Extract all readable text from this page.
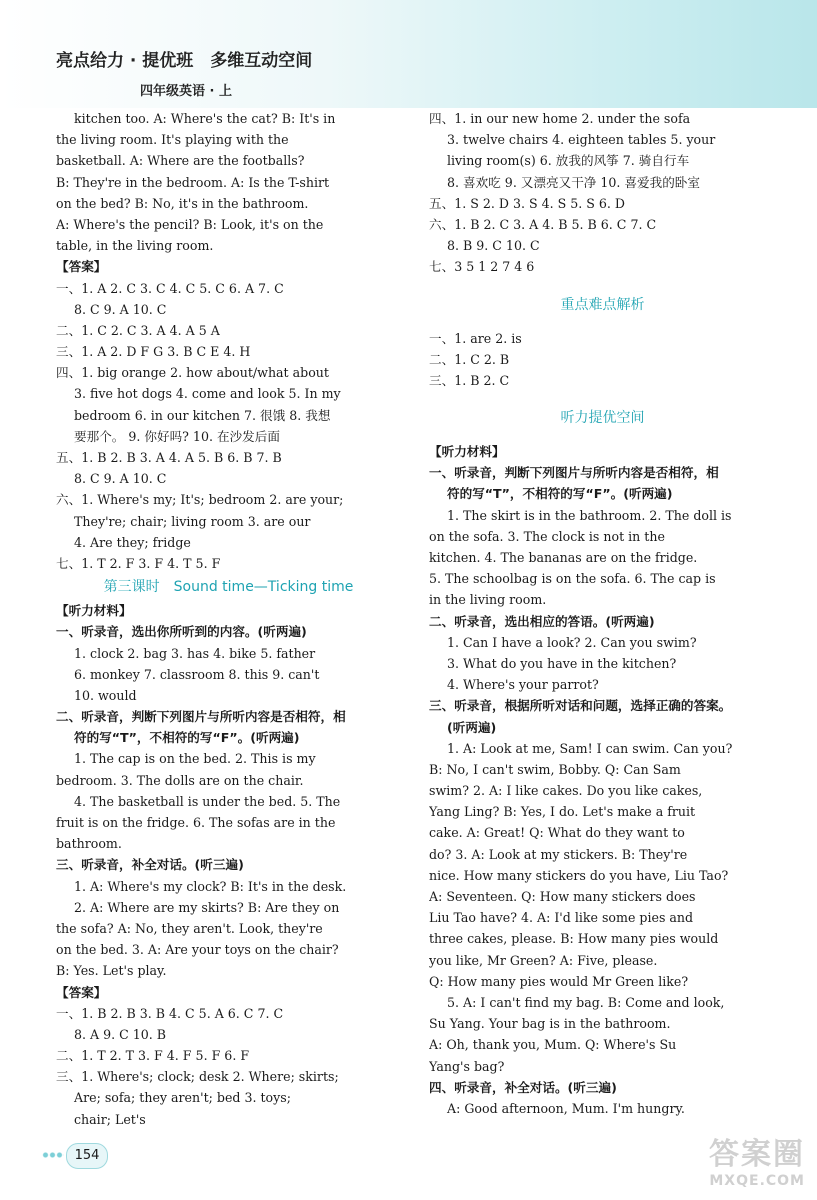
亮点给力 · 提优班　多维互动空间
四年级英语 · 上
kitchen too. A: Where's the cat? B: It's in
the living room. It's playing with the
basketball. A: Where are the footballs?
B: They're in the bedroom. A: Is the T-shirt
on the bed? B: No, it's in the bathroom.
A: Where's the pencil? B: Look, it's on the
table, in the living room.
【答案】
一、1. A 2. C 3. C 4. C 5. C 6. A 7. C
8. C 9. A 10. C
二、1. C 2. C 3. A 4. A 5 A
三、1. A 2. D F G 3. B C E 4. H
四、1. big orange 2. how about/what about
3. five hot dogs 4. come and look 5. In my
bedroom 6. in our kitchen 7. 很饿 8. 我想
要那个。 9. 你好吗? 10. 在沙发后面
五、1. B 2. B 3. A 4. A 5. B 6. B 7. B
8. C 9. A 10. C
六、1. Where's my; It's; bedroom 2. are your;
They're; chair; living room 3. are our
4. Are they; fridge
七、1. T 2. F 3. F 4. T 5. F
第三课时　Sound time—Ticking time
【听力材料】
一、听录音，选出你所听到的内容。(听两遍)
1. clock 2. bag 3. has 4. bike 5. father
6. monkey 7. classroom 8. this 9. can't
10. would
二、听录音，判断下列图片与所听内容是否相符，相
符的写“T”，不相符的写“F”。(听两遍)
1. The cap is on the bed. 2. This is my
bedroom. 3. The dolls are on the chair.
4. The basketball is under the bed. 5. The
fruit is on the fridge. 6. The sofas are in the
bathroom.
三、听录音，补全对话。(听三遍)
1. A: Where's my clock? B: It's in the desk.
2. A: Where are my skirts? B: Are they on
the sofa? A: No, they aren't. Look, they're
on the bed. 3. A: Are your toys on the chair?
B: Yes. Let's play.
【答案】
一、1. B 2. B 3. B 4. C 5. A 6. C 7. C
8. A 9. C 10. B
二、1. T 2. T 3. F 4. F 5. F 6. F
三、1. Where's; clock; desk 2. Where; skirts;
Are; sofa; they aren't; bed 3. toys;
chair; Let's
四、1. in our new home 2. under the sofa
3. twelve chairs 4. eighteen tables 5. your
living room(s) 6. 放我的风筝 7. 骑自行车
8. 喜欢吃 9. 又漂亮又干净 10. 喜爱我的卧室
五、1. S 2. D 3. S 4. S 5. S 6. D
六、1. B 2. C 3. A 4. B 5. B 6. C 7. C
8. B 9. C 10. C
七、3 5 1 2 7 4 6
重点难点解析
一、1. are 2. is
二、1. C 2. B
三、1. B 2. C
听力提优空间
【听力材料】
一、听录音，判断下列图片与所听内容是否相符，相
符的写“T”，不相符的写“F”。(听两遍)
1. The skirt is in the bathroom. 2. The doll is
on the sofa. 3. The clock is not in the
kitchen. 4. The bananas are on the fridge.
5. The schoolbag is on the sofa. 6. The cap is
in the living room.
二、听录音，选出相应的答语。(听两遍)
1. Can I have a look? 2. Can you swim?
3. What do you have in the kitchen?
4. Where's your parrot?
三、听录音，根据所听对话和问题，选择正确的答案。
(听两遍)
1. A: Look at me, Sam! I can swim. Can you?
B: No, I can't swim, Bobby. Q: Can Sam
swim? 2. A: I like cakes. Do you like cakes,
Yang Ling? B: Yes, I do. Let's make a fruit
cake. A: Great! Q: What do they want to
do? 3. A: Look at my stickers. B: They're
nice. How many stickers do you have, Liu Tao?
A: Seventeen. Q: How many stickers does
Liu Tao have? 4. A: I'd like some pies and
three cakes, please. B: How many pies would
you like, Mr Green? A: Five, please.
Q: How many pies would Mr Green like?
5. A: I can't find my bag. B: Come and look,
Su Yang. Your bag is in the bathroom.
A: Oh, thank you, Mum. Q: Where's Su
Yang's bag?
四、听录音，补全对话。(听三遍)
A: Good afternoon, Mum. I'm hungry.
154	答案圈
MXQE.COM
